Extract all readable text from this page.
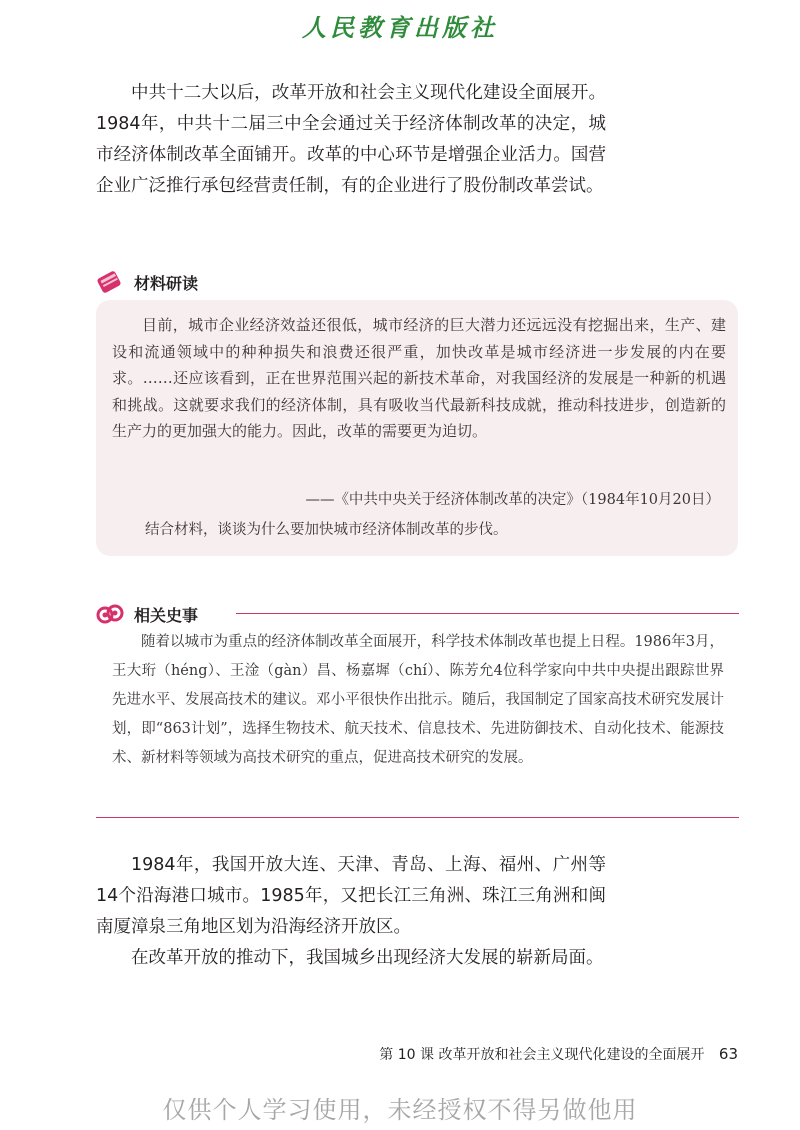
人民教育出版社

中共十二大以后，改革开放和社会主义现代化建设全面展开。1984年，中共十二届三中全会通过关于经济体制改革的决定，城市经济体制改革全面铺开。改革的中心环节是增强企业活力。国营企业广泛推行承包经营责任制，有的企业进行了股份制改革尝试。

材料研读

目前，城市企业经济效益还很低，城市经济的巨大潜力还远远没有挖掘出来，生产、建设和流通领域中的种种损失和浪费还很严重，加快改革是城市经济进一步发展的内在要求。……还应该看到，正在世界范围兴起的新技术革命，对我国经济的发展是一种新的机遇和挑战。这就要求我们的经济体制，具有吸收当代最新科技成就，推动科技进步，创造新的生产力的更加强大的能力。因此，改革的需要更为迫切。

——《中共中央关于经济体制改革的决定》（1984年10月20日）
结合材料，谈谈为什么要加快城市经济体制改革的步伐。
相关史事

随着以城市为重点的经济体制改革全面展开，科学技术体制改革也提上日程。1986年3月，王大珩（héng）、王淦（gàn）昌、杨嘉墀（chí）、陈芳允4位科学家向中共中央提出跟踪世界先进水平、发展高技术的建议。邓小平很快作出批示。随后，我国制定了国家高技术研究发展计划，即“863计划”，选择生物技术、航天技术、信息技术、先进防御技术、自动化技术、能源技术、新材料等领域为高技术研究的重点，促进高技术研究的发展。

1984年，我国开放大连、天津、青岛、上海、福州、广州等14个沿海港口城市。1985年，又把长江三角洲、珠江三角洲和闽南厦漳泉三角地区划为沿海经济开放区。

在改革开放的推动下，我国城乡出现经济大发展的崭新局面。

第 10 课 改革开放和社会主义现代化建设的全面展开 63
仅供个人学习使用，未经授权不得另做他用
